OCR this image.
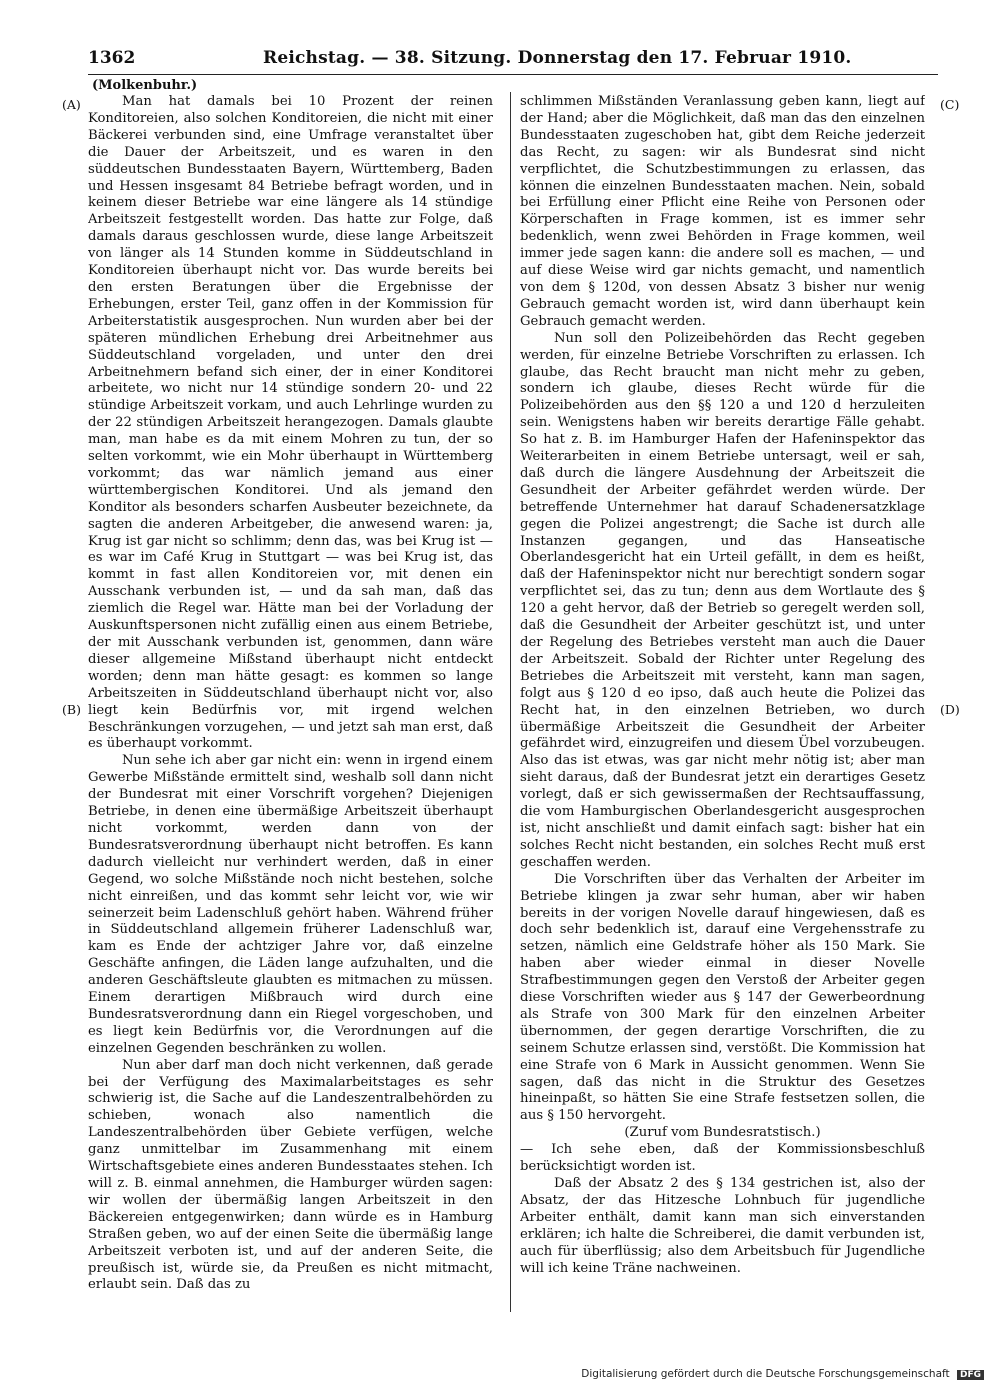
1362	Reichstag. — 38. Sitzung. Donnerstag den 17. Februar 1910.
(Molkenbuhr.)
(A)
(B)
(C)
(D)

Man hat damals bei 10 Prozent der reinen Konditoreien, also solchen Konditoreien, die nicht mit einer Bäckerei verbunden sind, eine Umfrage veranstaltet über die Dauer der Arbeitszeit, und es waren in den süddeutschen Bundesstaaten Bayern, Württemberg, Baden und Hessen insgesamt 84 Betriebe befragt worden, und in keinem dieser Betriebe war eine längere als 14 stündige Arbeitszeit festgestellt worden. Das hatte zur Folge, daß damals daraus geschlossen wurde, diese lange Arbeitszeit von länger als 14 Stunden komme in Süddeutschland in Konditoreien überhaupt nicht vor. Das wurde bereits bei den ersten Beratungen über die Ergebnisse der Erhebungen, erster Teil, ganz offen in der Kommission für Arbeiterstatistik ausgesprochen. Nun wurden aber bei der späteren mündlichen Erhebung drei Arbeitnehmer aus Süddeutschland vorgeladen, und unter den drei Arbeitnehmern befand sich einer, der in einer Konditorei arbeitete, wo nicht nur 14 stündige sondern 20- und 22 stündige Arbeitszeit vorkam, und auch Lehrlinge wurden zu der 22 stündigen Arbeitszeit herangezogen. Damals glaubte man, man habe es da mit einem Mohren zu tun, der so selten vorkommt, wie ein Mohr überhaupt in Württemberg vorkommt; das war nämlich jemand aus einer württembergischen Konditorei. Und als jemand den Konditor als besonders scharfen Ausbeuter bezeichnete, da sagten die anderen Arbeitgeber, die anwesend waren: ja, Krug ist gar nicht so schlimm; denn das, was bei Krug ist — es war im Café Krug in Stuttgart — was bei Krug ist, das kommt in fast allen Konditoreien vor, mit denen ein Ausschank verbunden ist, — und da sah man, daß das ziemlich die Regel war. Hätte man bei der Vorladung der Auskunftspersonen nicht zufällig einen aus einem Betriebe, der mit Ausschank verbunden ist, genommen, dann wäre dieser allgemeine Mißstand überhaupt nicht entdeckt worden; denn man hätte gesagt: es kommen so lange Arbeitszeiten in Süddeutschland überhaupt nicht vor, also liegt kein Bedürfnis vor, mit irgend welchen Beschränkungen vorzugehen, — und jetzt sah man erst, daß es überhaupt vorkommt.

Nun sehe ich aber gar nicht ein: wenn in irgend einem Gewerbe Mißstände ermittelt sind, weshalb soll dann nicht der Bundesrat mit einer Vorschrift vorgehen? Diejenigen Betriebe, in denen eine übermäßige Arbeitszeit überhaupt nicht vorkommt, werden dann von der Bundesratsverordnung überhaupt nicht betroffen. Es kann dadurch vielleicht nur verhindert werden, daß in einer Gegend, wo solche Mißstände noch nicht bestehen, solche nicht einreißen, und das kommt sehr leicht vor, wie wir seinerzeit beim Ladenschluß gehört haben. Während früher in Süddeutschland allgemein früherer Ladenschluß war, kam es Ende der achtziger Jahre vor, daß einzelne Geschäfte anfingen, die Läden lange aufzuhalten, und die anderen Geschäftsleute glaubten es mitmachen zu müssen. Einem derartigen Mißbrauch wird durch eine Bundesratsverordnung dann ein Riegel vorgeschoben, und es liegt kein Bedürfnis vor, die Verordnungen auf die einzelnen Gegenden beschränken zu wollen.

Nun aber darf man doch nicht verkennen, daß gerade bei der Verfügung des Maximalarbeitstages es sehr schwierig ist, die Sache auf die Landeszentralbehörden zu schieben, wonach also namentlich die Landeszentralbehörden über Gebiete verfügen, welche ganz unmittelbar im Zusammenhang mit einem Wirtschaftsgebiete eines anderen Bundesstaates stehen. Ich will z. B. einmal annehmen, die Hamburger würden sagen: wir wollen der übermäßig langen Arbeitszeit in den Bäckereien entgegenwirken; dann würde es in Hamburg Straßen geben, wo auf der einen Seite die übermäßig lange Arbeitszeit verboten ist, und auf der anderen Seite, die preußisch ist, würde sie, da Preußen es nicht mitmacht, erlaubt sein. Daß das zu

schlimmen Mißständen Veranlassung geben kann, liegt auf der Hand; aber die Möglichkeit, daß man das den einzelnen Bundesstaaten zugeschoben hat, gibt dem Reiche jederzeit das Recht, zu sagen: wir als Bundesrat sind nicht verpflichtet, die Schutzbestimmungen zu erlassen, das können die einzelnen Bundesstaaten machen. Nein, sobald bei Erfüllung einer Pflicht eine Reihe von Personen oder Körperschaften in Frage kommen, ist es immer sehr bedenklich, wenn zwei Behörden in Frage kommen, weil immer jede sagen kann: die andere soll es machen, — und auf diese Weise wird gar nichts gemacht, und namentlich von dem § 120d, von dessen Absatz 3 bisher nur wenig Gebrauch gemacht worden ist, wird dann überhaupt kein Gebrauch gemacht werden.

Nun soll den Polizeibehörden das Recht gegeben werden, für einzelne Betriebe Vorschriften zu erlassen. Ich glaube, das Recht braucht man nicht mehr zu geben, sondern ich glaube, dieses Recht würde für die Polizeibehörden aus den §§ 120 a und 120 d herzuleiten sein. Wenigstens haben wir bereits derartige Fälle gehabt. So hat z. B. im Hamburger Hafen der Hafeninspektor das Weiterarbeiten in einem Betriebe untersagt, weil er sah, daß durch die längere Ausdehnung der Arbeitszeit die Gesundheit der Arbeiter gefährdet werden würde. Der betreffende Unternehmer hat darauf Schadenersatzklage gegen die Polizei angestrengt; die Sache ist durch alle Instanzen gegangen, und das Hanseatische Oberlandesgericht hat ein Urteil gefällt, in dem es heißt, daß der Hafeninspektor nicht nur berechtigt sondern sogar verpflichtet sei, das zu tun; denn aus dem Wortlaute des § 120 a geht hervor, daß der Betrieb so geregelt werden soll, daß die Gesundheit der Arbeiter geschützt ist, und unter der Regelung des Betriebes versteht man auch die Dauer der Arbeitszeit. Sobald der Richter unter Regelung des Betriebes die Arbeitszeit mit versteht, kann man sagen, folgt aus § 120 d eo ipso, daß auch heute die Polizei das Recht hat, in den einzelnen Betrieben, wo durch übermäßige Arbeitszeit die Gesundheit der Arbeiter gefährdet wird, einzugreifen und diesem Übel vorzubeugen. Also das ist etwas, was gar nicht mehr nötig ist; aber man sieht daraus, daß der Bundesrat jetzt ein derartiges Gesetz vorlegt, daß er sich gewissermaßen der Rechtsauffassung, die vom Hamburgischen Oberlandesgericht ausgesprochen ist, nicht anschließt und damit einfach sagt: bisher hat ein solches Recht nicht bestanden, ein solches Recht muß erst geschaffen werden.

Die Vorschriften über das Verhalten der Arbeiter im Betriebe klingen ja zwar sehr human, aber wir haben bereits in der vorigen Novelle darauf hingewiesen, daß es doch sehr bedenklich ist, darauf eine Vergehensstrafe zu setzen, nämlich eine Geldstrafe höher als 150 Mark. Sie haben aber wieder einmal in dieser Novelle Strafbestimmungen gegen den Verstoß der Arbeiter gegen diese Vorschriften wieder aus § 147 der Gewerbeordnung als Strafe von 300 Mark für den einzelnen Arbeiter übernommen, der gegen derartige Vorschriften, die zu seinem Schutze erlassen sind, verstößt. Die Kommission hat eine Strafe von 6 Mark in Aussicht genommen. Wenn Sie sagen, daß das nicht in die Struktur des Gesetzes hineinpaßt, so hätten Sie eine Strafe festsetzen sollen, die aus § 150 hervorgeht.

(Zuruf vom Bundesratstisch.)

— Ich sehe eben, daß der Kommissionsbeschluß berücksichtigt worden ist.

Daß der Absatz 2 des § 134 gestrichen ist, also der Absatz, der das Hitzesche Lohnbuch für jugendliche Arbeiter enthält, damit kann man sich einverstanden erklären; ich halte die Schreiberei, die damit verbunden ist, auch für überflüssig; also dem Arbeitsbuch für Jugendliche will ich keine Träne nachweinen.

Digitalisierung gefördert durch die Deutsche Forschungsgemeinschaft DFG
